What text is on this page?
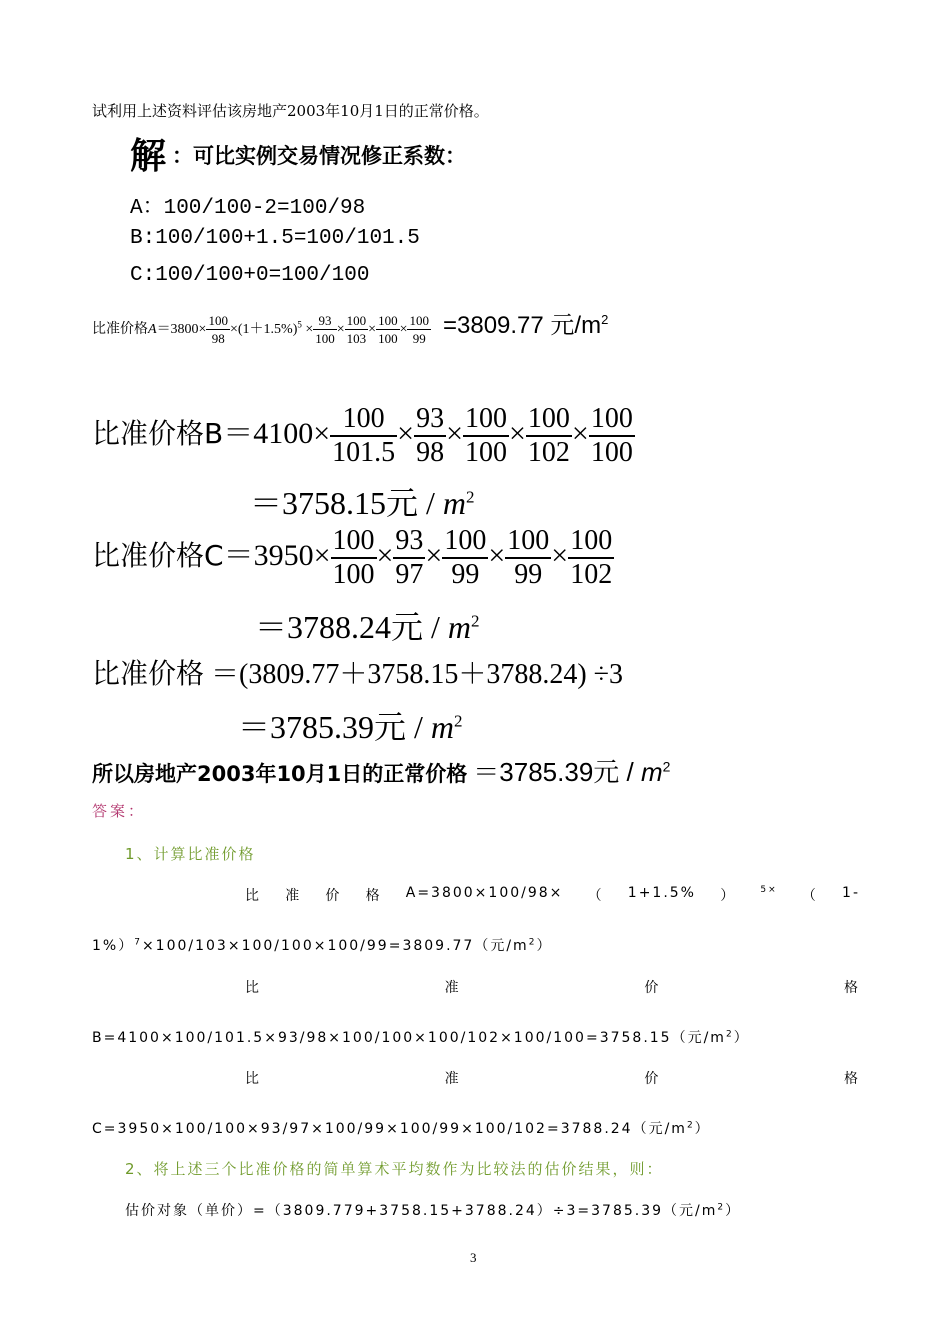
试利用上述资料评估该房地产2003年10月1日的正常价格。
解 ：可比实例交易情况修正系数：
A：100/100-2=100/98
B:100/100+1.5=100/101.5
C:100/100+0=100/100
比准价格$A=3800\times \frac{100}{98} \times(1+1.5\%)^5 \times \frac{93}{100} \times \frac{100}{103} \times \frac{100}{100} \times \frac{100}{99} =3809.77$ 元$/m^2$
比准价格$B=4100\times \frac{100}{101.5} \times \frac{93}{98} \times \frac{100}{100} \times \frac{100}{102} \times \frac{100}{100}$
＝3758.15元 / $m^2$
比准价格$C=3950\times \frac{100}{100} \times \frac{93}{97} \times \frac{100}{99} \times \frac{100}{99} \times \frac{100}{102}$
＝3788.24元 / $m^2$
比准价格 ＝(3809.77＋3758.15＋3788.24) ÷3
＝3785.39元 / $m^2$
所以房地产2003年10月1日的正常价格 ＝3785.39元 / $m^2$
答案：
1、计算比准价格
比 准 价 格 A=3800×100/98× （ 1+1.5% ）	$^{5\times}$ （ 1-
1%）$^7$×100/103×100/100×100/99=3809.77（元$/m^2$）
比	准	价	格
B=4100×100/101.5×93/98×100/100×100/102×100/100=3758.15（元$/m^2$）
比	准	价	格
C=3950×100/100×93/97×100/99×100/99×100/102=3788.24（元$/m^2$）
2、将上述三个比准价格的简单算术平均数作为比较法的估价结果，则：
估价对象（单价）=（3809.779+3758.15+3788.24）÷3=3785.39（元$/m^2$）
3
